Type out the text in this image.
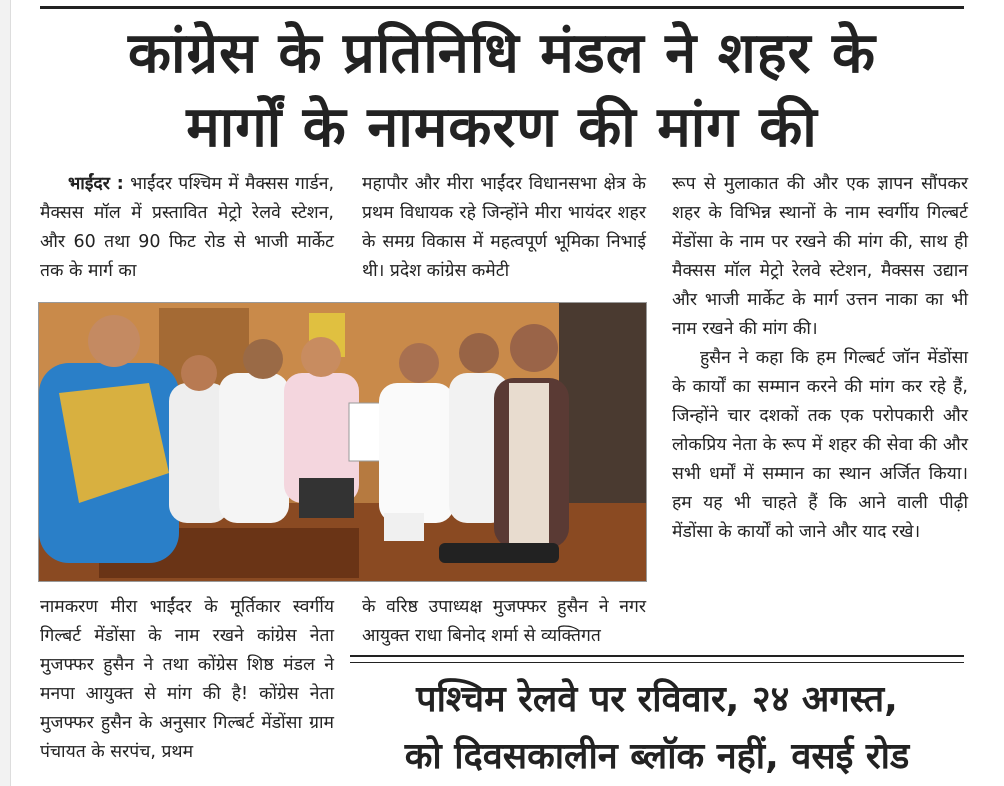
कांग्रेस के प्रतिनिधि मंडल ने शहर के
मार्गों के नामकरण की मांग की
भाईंदर : भाईंदर पश्चिम में मैक्सस गार्डन, मैक्सस मॉल में प्रस्तावित मेट्रो रेलवे स्टेशन, और 60 तथा 90 फिट रोड से भाजी मार्केट तक के मार्ग का
महापौर और मीरा भाईंदर विधानसभा क्षेत्र के प्रथम विधायक रहे जिन्होंने मीरा भायंदर शहर के समग्र विकास में महत्वपूर्ण भूमिका निभाई थी। प्रदेश कांग्रेस कमेटी
रूप से मुलाकात की और एक ज्ञापन सौंपकर शहर के विभिन्न स्थानों के नाम स्वर्गीय गिल्बर्ट मेंडोंसा के नाम पर रखने की मांग की, साथ ही मैक्सस मॉल मेट्रो रेलवे स्टेशन, मैक्सस उद्यान और भाजी मार्केट के मार्ग उत्तन नाका का भी नाम रखने की मांग की।
हुसैन ने कहा कि हम गिल्बर्ट जॉन मेंडोंसा के कार्यों का सम्मान करने की मांग कर रहे हैं, जिन्होंने चार दशकों तक एक परोपकारी और लोकप्रिय नेता के रूप में शहर की सेवा की और सभी धर्मों में सम्मान का स्थान अर्जित किया। हम यह भी चाहते हैं कि आने वाली पीढ़ी मेंडोंसा के कार्यों को जाने और याद रखे।
नामकरण मीरा भाईंदर के मूर्तिकार स्वर्गीय गिल्बर्ट मेंडोंसा के नाम रखने कांग्रेस नेता मुजफ्फर हुसैन ने तथा कोंग्रेस शिष्ठ मंडल ने मनपा आयुक्त से मांग की है! कोंग्रेस नेता मुजफ्फर हुसैन के अनुसार गिल्बर्ट मेंडोंसा ग्राम पंचायत के सरपंच, प्रथम
के वरिष्ठ उपाध्यक्ष मुजफ्फर हुसैन ने नगर आयुक्त राधा बिनोद शर्मा से व्यक्तिगत
पश्चिम रेलवे पर रविवार, २४ अगस्त,
को दिवसकालीन ब्लॉक नहीं, वसई रोड
